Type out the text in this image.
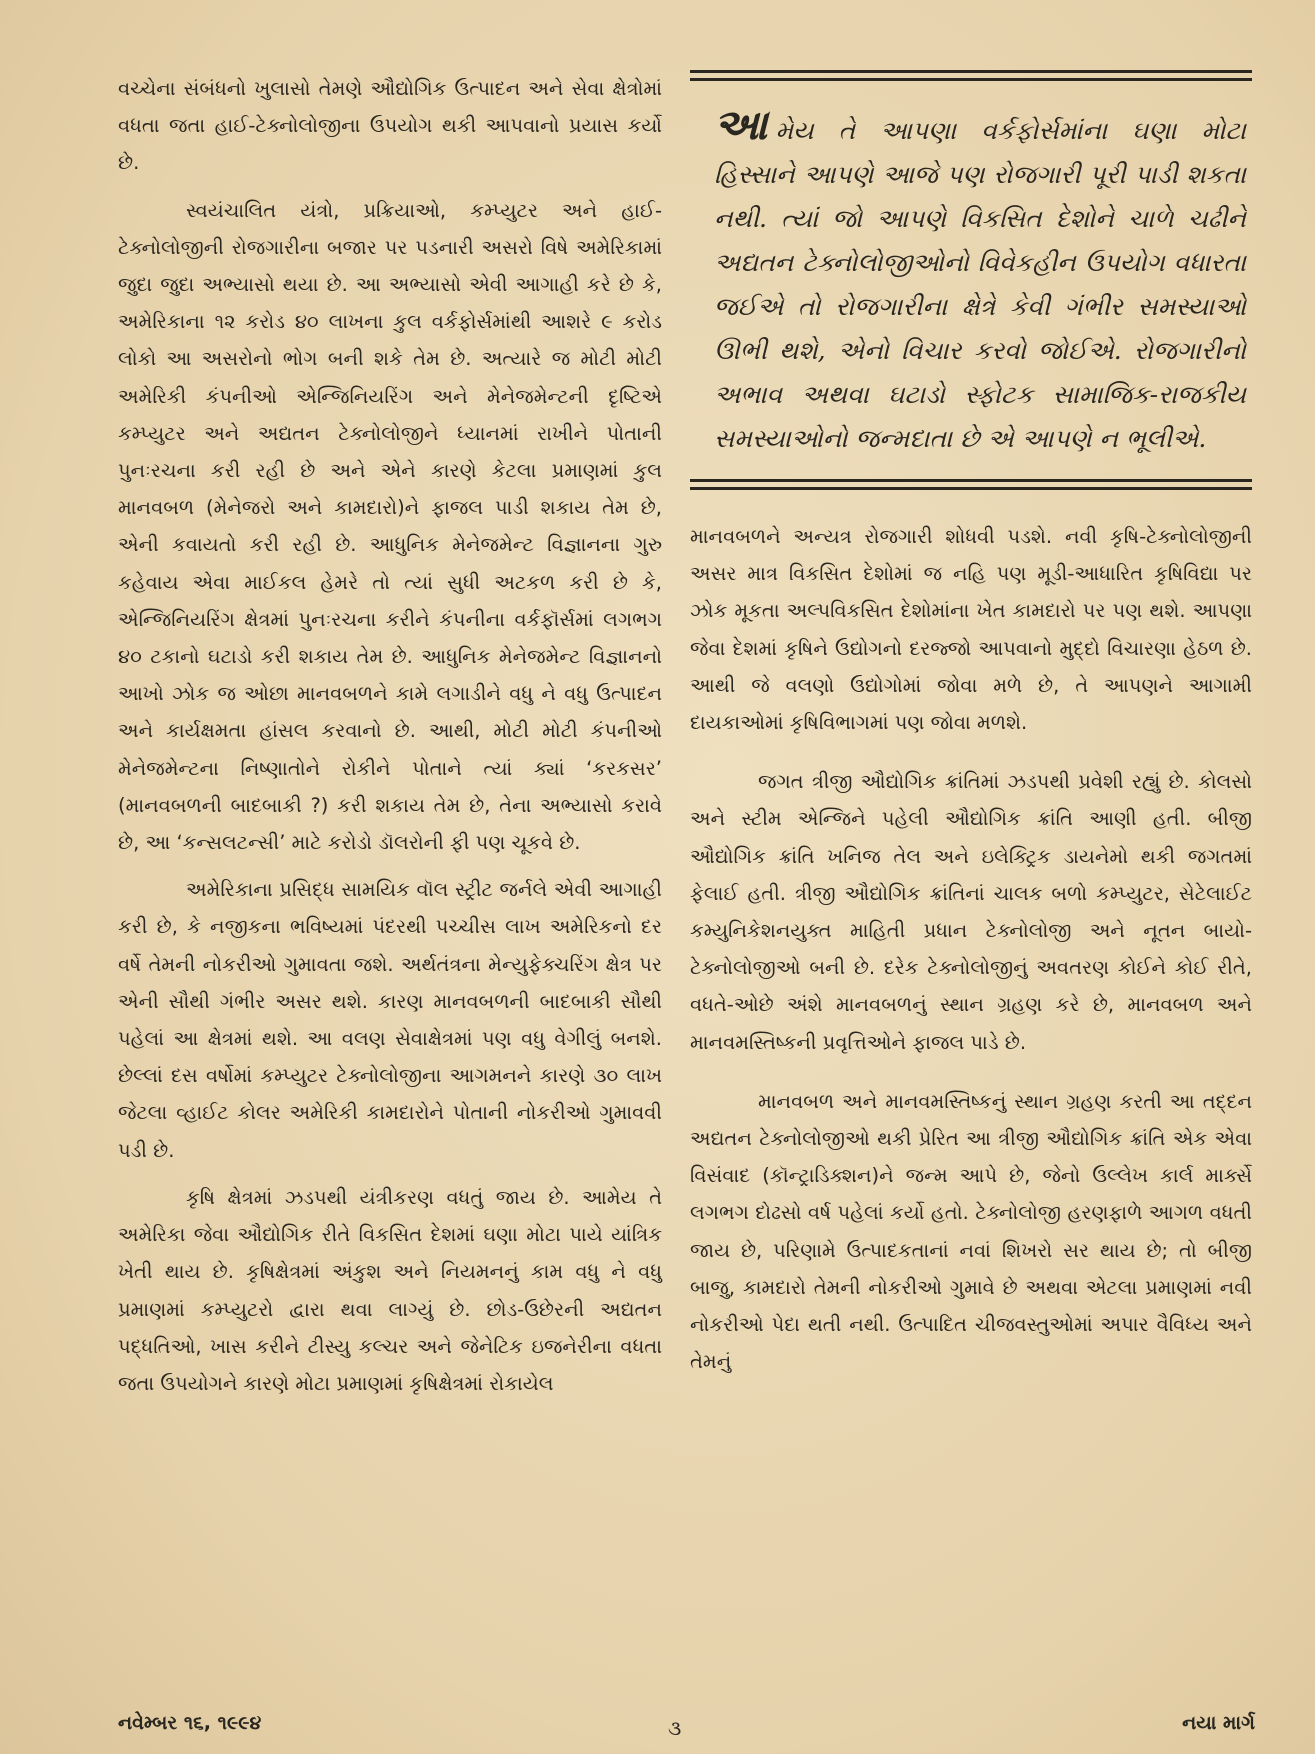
વચ્ચેના સંબંધનો ખુલાસો તેમણે ઔદ્યોગિક ઉત્પાદન અને સેવા ક્ષેત્રોમાં વધતા જતા હાઈ-ટેક્નોલોજીના ઉપયોગ થકી આપવાનો પ્રયાસ કર્યો છે.

સ્વયંચાલિત યંત્રો, પ્રક્રિયાઓ, કમ્પ્યુટર અને હાઈ-ટેક્નોલોજીની રોજગારીના બજાર પર પડનારી અસરો વિષે અમેરિકામાં જુદા જુદા અભ્યાસો થયા છે. આ અભ્યાસો એવી આગાહી કરે છે કે, અમેરિકાના ૧૨ કરોડ ૪૦ લાખના કુલ વર્કફોર્સમાંથી આશરે ૯ કરોડ લોકો આ અસરોનો ભોગ બની શકે તેમ છે. અત્યારે જ મોટી મોટી અમેરિકી કંપનીઓ એન્જિનિયરિંગ અને મેનેજમેન્ટની દૃષ્ટિએ કમ્પ્યુટર અને અદ્યતન ટેક્નોલોજીને ધ્યાનમાં રાખીને પોતાની પુનઃરચના કરી રહી છે અને એને કારણે કેટલા પ્રમાણમાં કુલ માનવબળ (મેનેજરો અને કામદારો)ને ફાજલ પાડી શકાય તેમ છે, એની કવાયતો કરી રહી છે. આધુનિક મેનેજમેન્ટ વિજ્ઞાનના ગુરુ કહેવાય એવા માઈકલ હેમરે તો ત્યાં સુધી અટકળ કરી છે કે, એન્જિનિયરિંગ ક્ષેત્રમાં પુનઃરચના કરીને કંપનીના વર્કફૉર્સમાં લગભગ ૪૦ ટકાનો ઘટાડો કરી શકાય તેમ છે. આધુનિક મેનેજમેન્ટ વિજ્ઞાનનો આખો ઝોક જ ઓછા માનવબળને કામે લગાડીને વધુ ને વધુ ઉત્પાદન અને કાર્યક્ષમતા હાંસલ કરવાનો છે. આથી, મોટી મોટી કંપનીઓ મેનેજમેન્ટના નિષ્ણાતોને રોકીને પોતાને ત્યાં ક્યાં ‘કરકસર’ (માનવબળની બાદબાકી ?) કરી શકાય તેમ છે, તેના અભ્યાસો કરાવે છે, આ ‘કન્સલટન્સી’ માટે કરોડો ડૉલરોની ફી પણ ચૂકવે છે.

અમેરિકાના પ્રસિદ્ધ સામયિક વૉલ સ્ટ્રીટ જર્નલે એવી આગાહી કરી છે, કે નજીકના ભવિષ્યમાં પંદરથી પચ્ચીસ લાખ અમેરિકનો દર વર્ષે તેમની નોકરીઓ ગુમાવતા જશે. અર્થતંત્રના મેન્યુફેક્ચરિંગ ક્ષેત્ર પર એની સૌથી ગંભીર અસર થશે. કારણ માનવબળની બાદબાકી સૌથી પહેલાં આ ક્ષેત્રમાં થશે. આ વલણ સેવાક્ષેત્રમાં પણ વધુ વેગીલું બનશે. છેલ્લાં દસ વર્ષોમાં કમ્પ્યુટર ટેક્નોલોજીના આગમનને કારણે ૩૦ લાખ જેટલા વ્હાઈટ કોલર અમેરિકી કામદારોને પોતાની નોકરીઓ ગુમાવવી પડી છે.

કૃષિ ક્ષેત્રમાં ઝડપથી યંત્રીકરણ વધતું જાય છે. આમેય તે અમેરિકા જેવા ઔદ્યોગિક રીતે વિકસિત દેશમાં ઘણા મોટા પાયે યાંત્રિક ખેતી થાય છે. કૃષિક્ષેત્રમાં અંકુશ અને નિયમનનું કામ વધુ ને વધુ પ્રમાણમાં કમ્પ્યુટરો દ્વારા થવા લાગ્યું છે. છોડ-ઉછેરની અદ્યતન પદ્ધતિઓ, ખાસ કરીને ટીસ્યુ કલ્ચર અને જેનેટિક ઇજનેરીના વધતા જતા ઉપયોગને કારણે મોટા પ્રમાણમાં કૃષિક્ષેત્રમાં રોકાયેલ

આમેય તે આપણા વર્કફોર્સમાંના ઘણા મોટા હિસ્સાને આપણે આજે પણ રોજગારી પૂરી પાડી શકતા નથી. ત્યાં જો આપણે વિકસિત દેશોને ચાળે ચઢીને અદ્યતન ટેક્નોલોજીઓનો વિવેકહીન ઉપયોગ વધારતા જઈએ તો રોજગારીના ક્ષેત્રે કેવી ગંભીર સમસ્યાઓ ઊભી થશે, એનો વિચાર કરવો જોઈએ. રોજગારીનો અભાવ અથવા ઘટાડો સ્ફોટક સામાજિક-રાજકીય સમસ્યાઓનો જન્મદાતા છે એ આપણે ન ભૂલીએ.

માનવબળને અન્યત્ર રોજગારી શોધવી પડશે. નવી કૃષિ-ટેક્નોલોજીની અસર માત્ર વિકસિત દેશોમાં જ નહિ પણ મૂડી-આધારિત કૃષિવિદ્યા પર ઝોક મૂકતા અલ્પવિકસિત દેશોમાંના ખેત કામદારો પર પણ થશે. આપણા જેવા દેશમાં કૃષિને ઉદ્યોગનો દરજ્જો આપવાનો મુદ્દો વિચારણા હેઠળ છે. આથી જે વલણો ઉદ્યોગોમાં જોવા મળે છે, તે આપણને આગામી દાયકાઓમાં કૃષિવિભાગમાં પણ જોવા મળશે.

જગત ત્રીજી ઔદ્યોગિક ક્રાંતિમાં ઝડપથી પ્રવેશી રહ્યું છે. કોલસો અને સ્ટીમ એન્જિને પહેલી ઔદ્યોગિક ક્રાંતિ આણી હતી. બીજી ઔદ્યોગિક ક્રાંતિ ખનિજ તેલ અને ઇલેક્ટ્રિક ડાયનેમો થકી જગતમાં ફેલાઈ હતી. ત્રીજી ઔદ્યોગિક ક્રાંતિનાં ચાલક બળો કમ્પ્યુટર, સેટેલાઈટ કમ્યુનિકેશનયુક્ત માહિતી પ્રધાન ટેક્નોલોજી અને નૂતન બાયો-ટેક્નોલોજીઓ બની છે. દરેક ટેક્નોલોજીનું અવતરણ કોઈને કોઈ રીતે, વધતે-ઓછે અંશે માનવબળનું સ્થાન ગ્રહણ કરે છે, માનવબળ અને માનવમસ્તિષ્કની પ્રવૃત્તિઓને ફાજલ પાડે છે.

માનવબળ અને માનવમસ્તિષ્કનું સ્થાન ગ્રહણ કરતી આ તદ્દન અદ્યતન ટેક્નોલોજીઓ થકી પ્રેરિત આ ત્રીજી ઔદ્યોગિક ક્રાંતિ એક એવા વિસંવાદ (કૉન્ટ્રાડિક્શન)ને જન્મ આપે છે, જેનો ઉલ્લેખ કાર્લ માર્ક્સે લગભગ દોઢસો વર્ષ પહેલાં કર્યો હતો. ટેક્નોલોજી હરણફાળે આગળ વધતી જાય છે, પરિણામે ઉત્પાદકતાનાં નવાં શિખરો સર થાય છે; તો બીજી બાજુ, કામદારો તેમની નોકરીઓ ગુમાવે છે અથવા એટલા પ્રમાણમાં નવી નોકરીઓ પેદા થતી નથી. ઉત્પાદિત ચીજવસ્તુઓમાં અપાર વૈવિધ્ય અને તેમનું

નવેમ્બર ૧૬, ૧૯૯૪	૩	નયા માર્ગ
